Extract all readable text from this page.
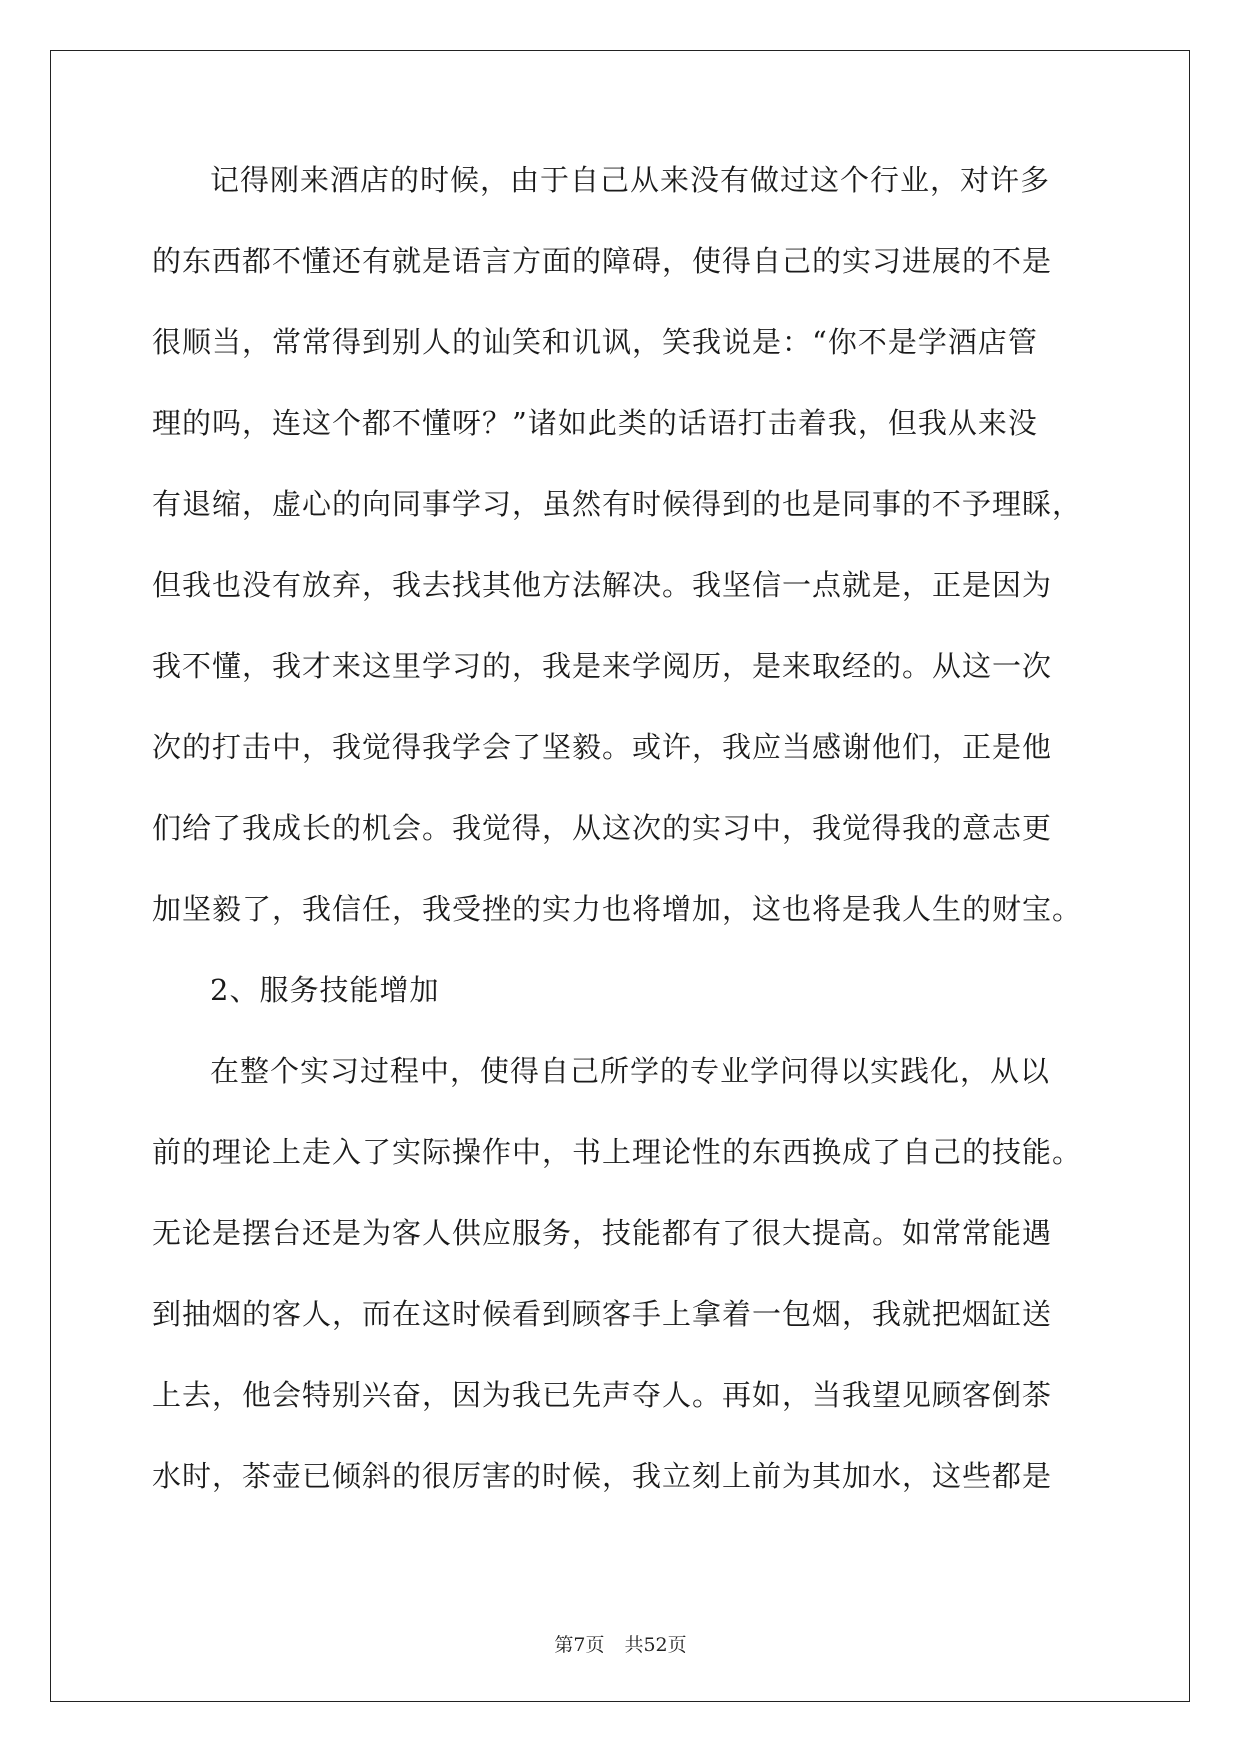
记得刚来酒店的时候，由于自己从来没有做过这个行业，对许多
的东西都不懂还有就是语言方面的障碍，使得自己的实习进展的不是
很顺当，常常得到别人的讪笑和讥讽，笑我说是：“你不是学酒店管
理的吗，连这个都不懂呀？”诸如此类的话语打击着我，但我从来没
有退缩，虚心的向同事学习，虽然有时候得到的也是同事的不予理睬，
但我也没有放弃，我去找其他方法解决。我坚信一点就是，正是因为
我不懂，我才来这里学习的，我是来学阅历，是来取经的。从这一次
次的打击中，我觉得我学会了坚毅。或许，我应当感谢他们，正是他
们给了我成长的机会。我觉得，从这次的实习中，我觉得我的意志更
加坚毅了，我信任，我受挫的实力也将增加，这也将是我人生的财宝。
2、服务技能增加
在整个实习过程中，使得自己所学的专业学问得以实践化，从以
前的理论上走入了实际操作中，书上理论性的东西换成了自己的技能。
无论是摆台还是为客人供应服务，技能都有了很大提高。如常常能遇
到抽烟的客人，而在这时候看到顾客手上拿着一包烟，我就把烟缸送
上去，他会特别兴奋，因为我已先声夺人。再如，当我望见顾客倒茶
水时，茶壶已倾斜的很厉害的时候，我立刻上前为其加水，这些都是
第7页 共52页
